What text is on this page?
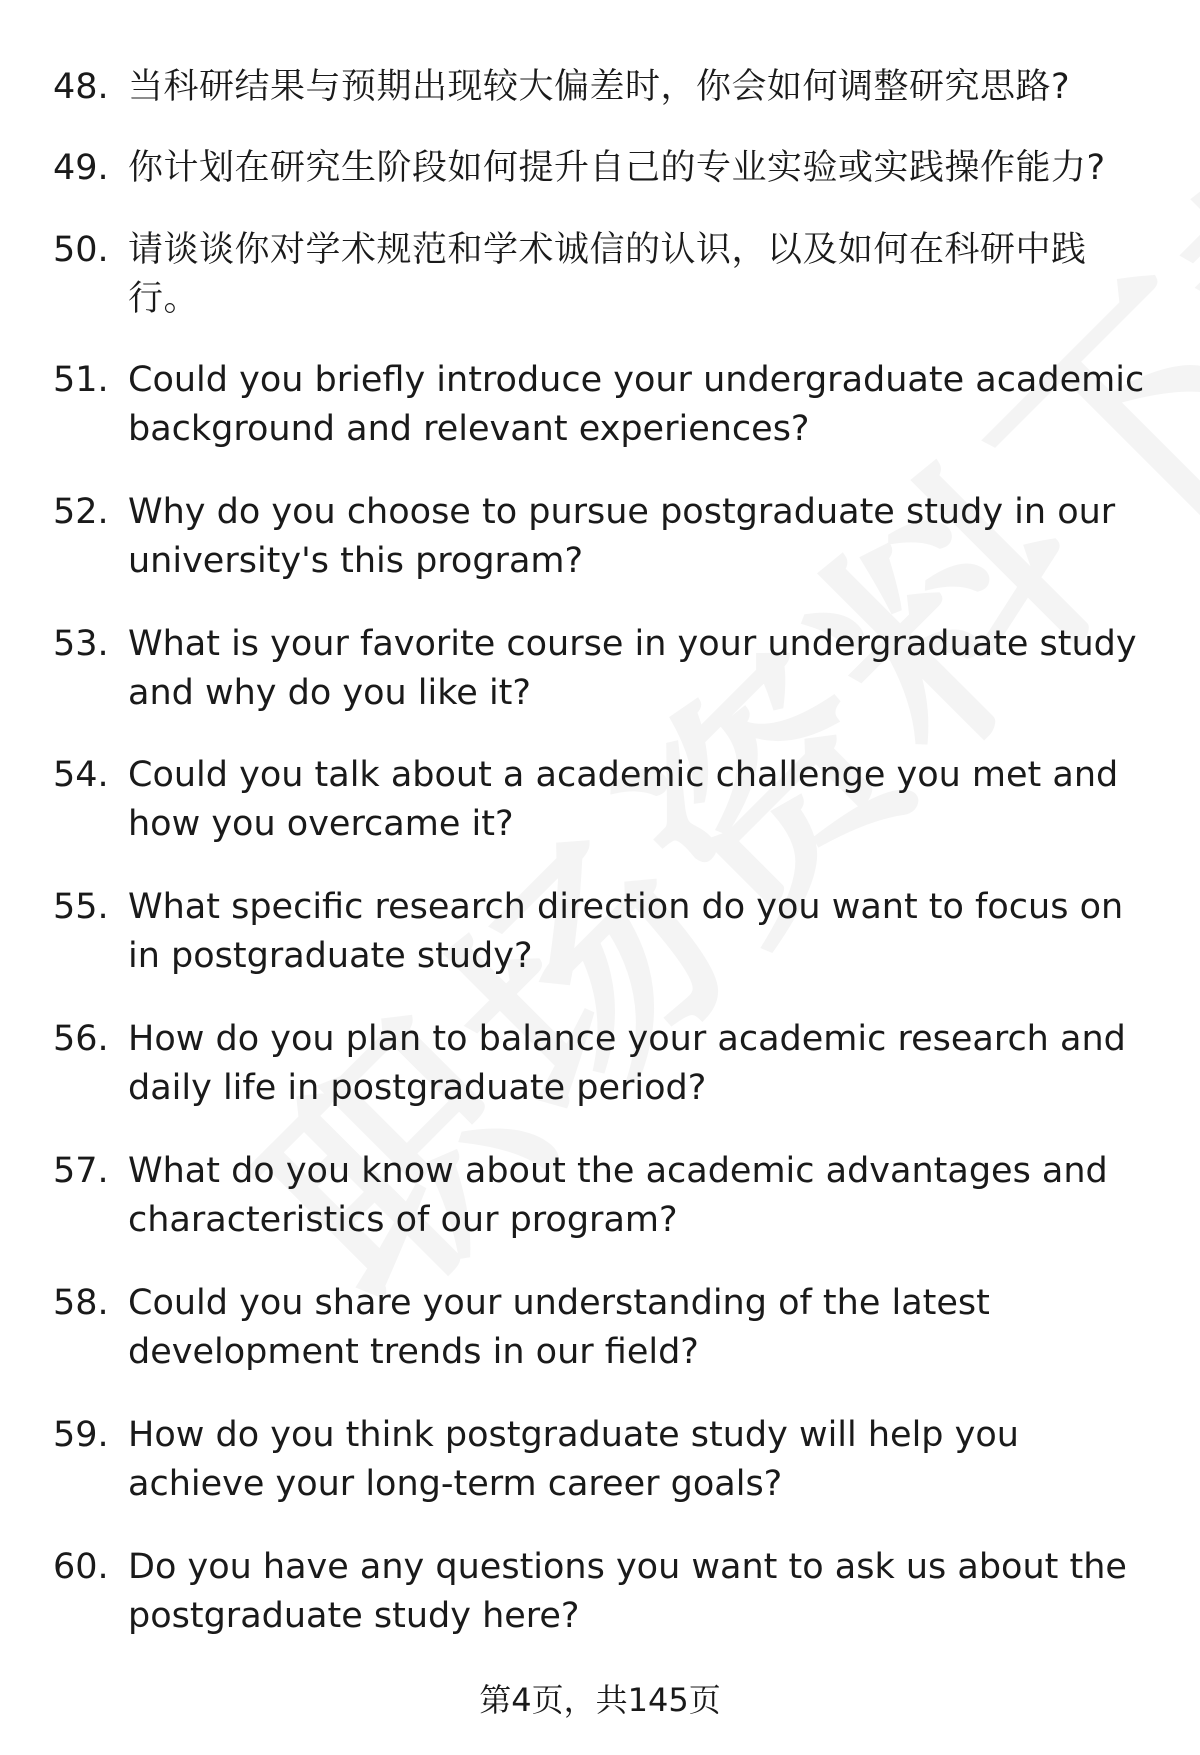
48. 当科研结果与预期出现较大偏差时，你会如何调整研究思路?
49. 你计划在研究生阶段如何提升自己的专业实验或实践操作能力?
50. 请谈谈你对学术规范和学术诚信的认识，以及如何在科研中践行。
51. Could you briefly introduce your undergraduate academic background and relevant experiences?
52. Why do you choose to pursue postgraduate study in our university's this program?
53. What is your favorite course in your undergraduate study and why do you like it?
54. Could you talk about a academic challenge you met and how you overcame it?
55. What specific research direction do you want to focus on in postgraduate study?
56. How do you plan to balance your academic research and daily life in postgraduate period?
57. What do you know about the academic advantages and characteristics of our program?
58. Could you share your understanding of the latest development trends in our field?
59. How do you think postgraduate study will help you achieve your long-term career goals?
60. Do you have any questions you want to ask us about the postgraduate study here?
第4页，共145页
